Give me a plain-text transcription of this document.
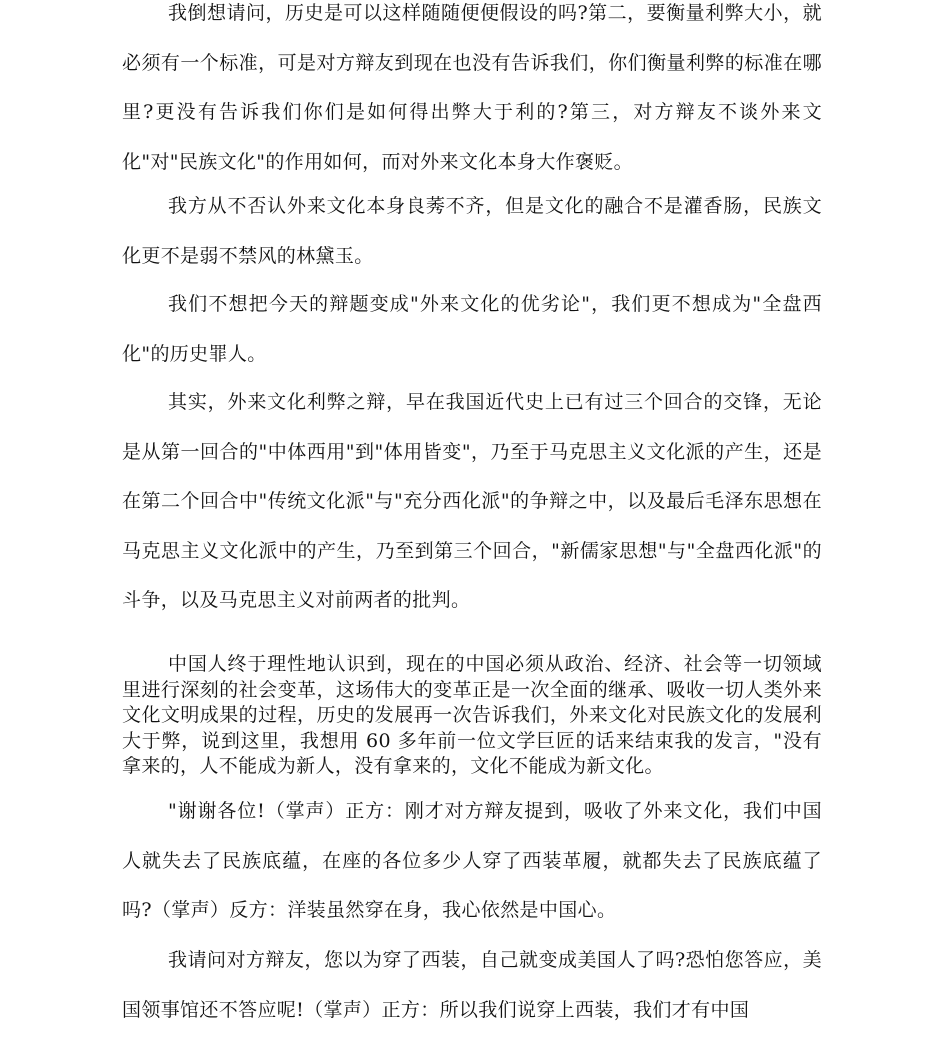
我倒想请问，历史是可以这样随随便便假设的吗?第二，要衡量利弊大小，就必须有一个标准，可是对方辩友到现在也没有告诉我们，你们衡量利弊的标准在哪里?更没有告诉我们你们是如何得出弊大于利的?第三，对方辩友不谈外来文化"对"民族文化"的作用如何，而对外来文化本身大作褒贬。

我方从不否认外来文化本身良莠不齐，但是文化的融合不是灌香肠，民族文化更不是弱不禁风的林黛玉。

我们不想把今天的辩题变成"外来文化的优劣论"，我们更不想成为"全盘西化"的历史罪人。

其实，外来文化利弊之辩，早在我国近代史上已有过三个回合的交锋，无论是从第一回合的"中体西用"到"体用皆变"，乃至于马克思主义文化派的产生，还是在第二个回合中"传统文化派"与"充分西化派"的争辩之中，以及最后毛泽东思想在马克思主义文化派中的产生，乃至到第三个回合，"新儒家思想"与"全盘西化派"的斗争，以及马克思主义对前两者的批判。

中国人终于理性地认识到，现在的中国必须从政治、经济、社会等一切领域里进行深刻的社会变革，这场伟大的变革正是一次全面的继承、吸收一切人类外来文化文明成果的过程，历史的发展再一次告诉我们，外来文化对民族文化的发展利大于弊，说到这里，我想用 60 多年前一位文学巨匠的话来结束我的发言，"没有拿来的，人不能成为新人，没有拿来的，文化不能成为新文化。

"谢谢各位!（掌声）正方：刚才对方辩友提到，吸收了外来文化，我们中国人就失去了民族底蕴，在座的各位多少人穿了西装革履，就都失去了民族底蕴了吗?（掌声）反方：洋装虽然穿在身，我心依然是中国心。

我请问对方辩友，您以为穿了西装，自己就变成美国人了吗?恐怕您答应，美国领事馆还不答应呢!（掌声）正方：所以我们说穿上西装，我们才有中国
